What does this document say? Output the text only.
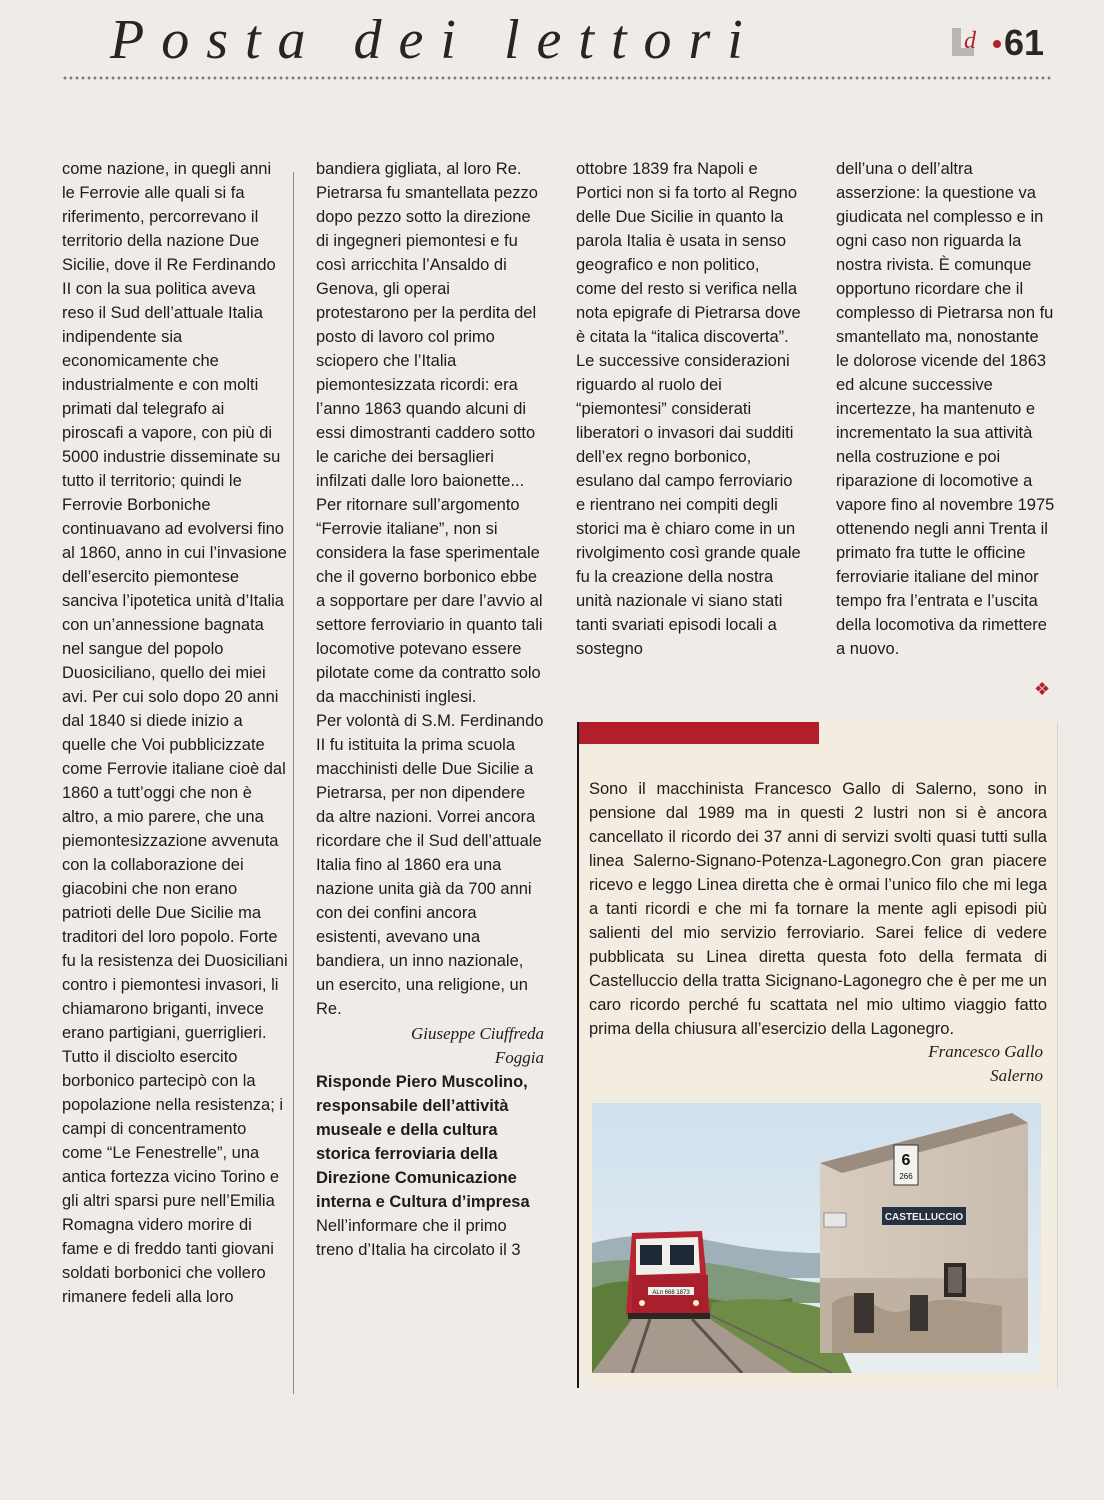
Posta dei lettori	d 61

come nazione, in quegli anni le Ferrovie alle quali si fa riferimento, percorrevano il territorio della nazione Due Sicilie, dove il Re Ferdinando II con la sua politica aveva reso il Sud dell’attuale Italia indipendente sia economicamente che industrialmente e con molti primati dal telegrafo ai piroscafi a vapore, con più di 5000 industrie disseminate su tutto il territorio; quindi le Ferrovie Borboniche continuavano ad evolversi fino al 1860, anno in cui l’invasione dell’esercito piemontese sanciva l’ipotetica unità d’Italia con un’annessione bagnata nel sangue del popolo Duosiciliano, quello dei miei avi. Per cui solo dopo 20 anni dal 1840 si diede inizio a quelle che Voi pubblicizzate come Ferrovie italiane cioè dal 1860 a tutt’oggi che non è altro, a mio parere, che una piemontesizzazione avvenuta con la collaborazione dei giacobini che non erano patrioti delle Due Sicilie ma traditori del loro popolo. Forte fu la resistenza dei Duosiciliani contro i piemontesi invasori, li chiamarono briganti, invece erano partigiani, guerriglieri. Tutto il disciolto esercito borbonico partecipò con la popolazione nella resistenza; i campi di concentramento come “Le Fenestrelle”, una antica fortezza vicino Torino e gli altri sparsi pure nell’Emilia Romagna videro morire di fame e di freddo tanti giovani soldati borbonici che vollero rimanere fedeli alla loro

bandiera gigliata, al loro Re. Pietrarsa fu smantellata pezzo dopo pezzo sotto la direzione di ingegneri piemontesi e fu così arricchita l’Ansaldo di Genova, gli operai protestarono per la perdita del posto di lavoro col primo sciopero che l’Italia piemontesizzata ricordi: era l’anno 1863 quando alcuni di essi dimostranti caddero sotto le cariche dei bersaglieri infilzati dalle loro baionette... Per ritornare sull’argomento “Ferrovie italiane”, non si considera la fase sperimentale che il governo borbonico ebbe a sopportare per dare l’avvio al settore ferroviario in quanto tali locomotive potevano essere pilotate come da contratto solo da macchinisti inglesi.

Per volontà di S.M. Ferdinando II fu istituita la prima scuola macchinisti delle Due Sicilie a Pietrarsa, per non dipendere da altre nazioni. Vorrei ancora ricordare che il Sud dell’attuale Italia fino al 1860 era una nazione unita già da 700 anni con dei confini ancora esistenti, avevano una bandiera, un inno nazionale, un esercito, una religione, un Re.

Giuseppe Ciuffreda
Foggia

Risponde Piero Muscolino, responsabile dell’attività museale e della cultura storica ferroviaria della Direzione Comunicazione interna e Cultura d’impresa

Nell’informare che il primo treno d’Italia ha circolato il 3

ottobre 1839 fra Napoli e Portici non si fa torto al Regno delle Due Sicilie in quanto la parola Italia è usata in senso geografico e non politico, come del resto si verifica nella nota epigrafe di Pietrarsa dove è citata la “italica discoverta”.

Le successive considerazioni riguardo al ruolo dei “piemontesi” considerati liberatori o invasori dai sudditi dell’ex regno borbonico, esulano dal campo ferroviario e rientrano nei compiti degli storici ma è chiaro come in un rivolgimento così grande quale fu la creazione della nostra unità nazionale vi siano stati tanti svariati episodi locali a sostegno

dell’una o dell’altra asserzione: la questione va giudicata nel complesso e in ogni caso non riguarda la nostra rivista. È comunque opportuno ricordare che il complesso di Pietrarsa non fu smantellato ma, nonostante le dolorose vicende del 1863 ed alcune successive incertezze, ha mantenuto e incrementato la sua attività nella costruzione e poi riparazione di locomotive a vapore fino al novembre 1975 ottenendo negli anni Trenta il primato fra tutte le officine ferroviarie italiane del minor tempo fra l’entrata e l’uscita della locomotiva da rimettere a nuovo.

❖
Sono il macchinista Francesco Gallo di Salerno, sono in pensione dal 1989 ma in questi 2 lustri non si è ancora cancellato il ricordo dei 37 anni di servizi svolti quasi tutti sulla linea Salerno-Signano-Potenza-Lagonegro.Con gran piacere ricevo e leggo Linea diretta che è ormai l’unico filo che mi lega a tanti ricordi e che mi fa tornare la mente agli episodi più salienti del mio servizio ferroviario. Sarei felice di vedere pubblicata su Linea diretta questa foto della fermata di Castelluccio della tratta Sicignano-Lagonegro che è per me un caro ricordo perché fu scattata nel mio ultimo viaggio fatto prima della chiusura all’esercizio della Lagonegro.
Francesco Gallo
Salerno
6
266
CASTELLUCCIO
ALn 668 1873
